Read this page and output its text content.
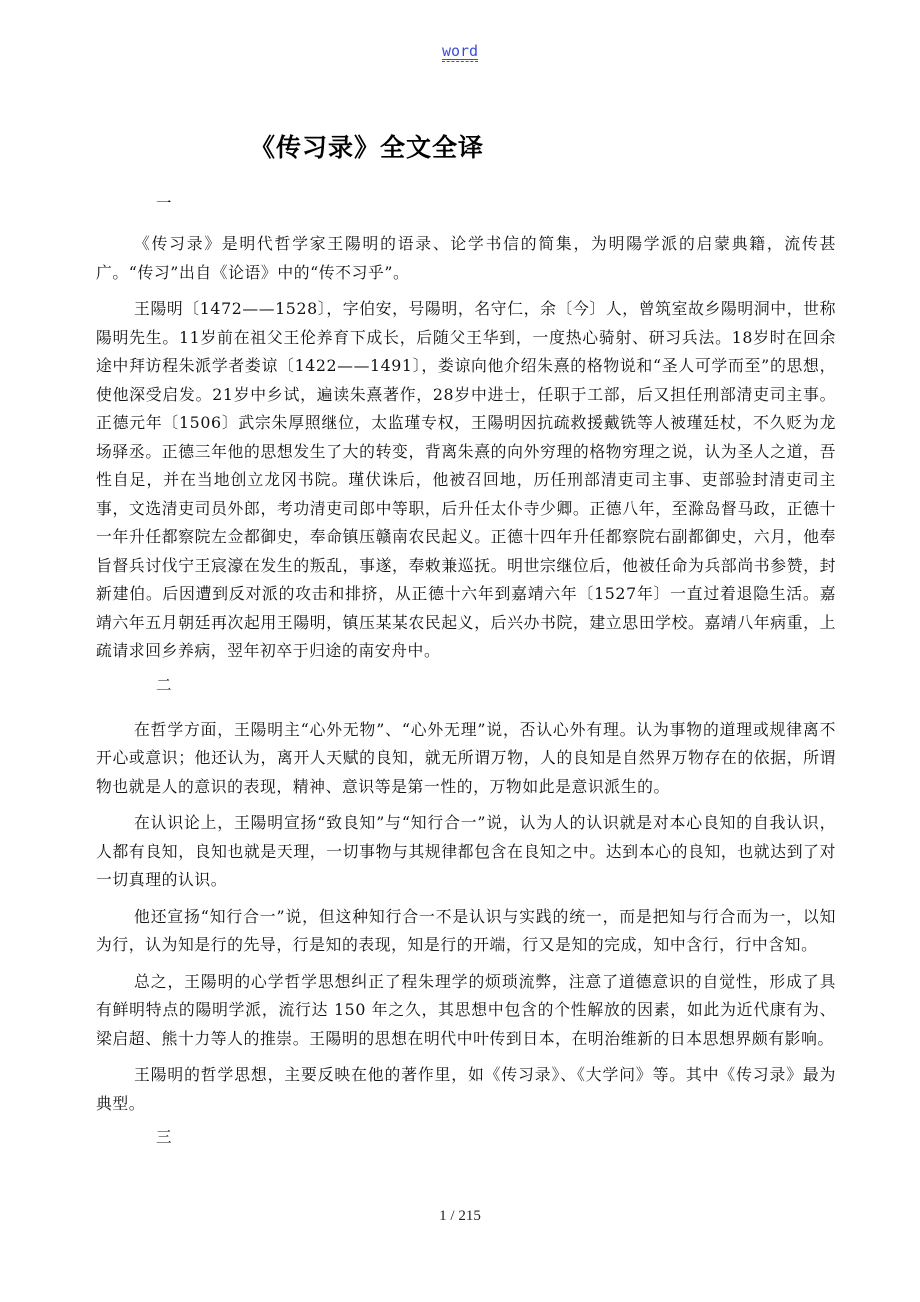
word
《传习录》全文全译
一

《传习录》是明代哲学家王陽明的语录、论学书信的简集，为明陽学派的启蒙典籍，流传甚广。“传习”出自《论语》中的“传不习乎”。

王陽明〔1472——1528〕，字伯安，号陽明，名守仁，余〔今〕人，曾筑室故乡陽明洞中，世称陽明先生。11岁前在祖父王伦养育下成长，后随父王华到，一度热心骑射、研习兵法。18岁时在回余途中拜访程朱派学者娄谅〔1422——1491〕，娄谅向他介绍朱熹的格物说和“圣人可学而至”的思想，使他深受启发。21岁中乡试，遍读朱熹著作，28岁中进士，任职于工部，后又担任刑部清吏司主事。正德元年〔1506〕武宗朱厚照继位，太监瑾专权，王陽明因抗疏救援戴铣等人被瑾廷杖，不久贬为龙场驿丞。正德三年他的思想发生了大的转变，背离朱熹的向外穷理的格物穷理之说，认为圣人之道，吾性自足，并在当地创立龙冈书院。瑾伏诛后，他被召回地，历任刑部清吏司主事、吏部验封清吏司主事，文选清吏司员外郎，考功清吏司郎中等职，后升任太仆寺少卿。正德八年，至滁岛督马政，正德十一年升任都察院左佥都御史，奉命镇压赣南农民起义。正德十四年升任都察院右副都御史，六月，他奉旨督兵讨伐宁王宸濠在发生的叛乱，事遂，奉敕兼巡抚。明世宗继位后，他被任命为兵部尚书参赞，封新建伯。后因遭到反对派的攻击和排挤，从正德十六年到嘉靖六年〔1527年〕一直过着退隐生活。嘉靖六年五月朝廷再次起用王陽明，镇压某某农民起义，后兴办书院，建立思田学校。嘉靖八年病重，上疏请求回乡养病，翌年初卒于归途的南安舟中。

二

在哲学方面，王陽明主“心外无物”、“心外无理”说，否认心外有理。认为事物的道理或规律离不开心或意识；他还认为，离开人天赋的良知，就无所谓万物，人的良知是自然界万物存在的依据，所谓物也就是人的意识的表现，精神、意识等是第一性的，万物如此是意识派生的。

在认识论上，王陽明宣扬“致良知”与“知行合一”说，认为人的认识就是对本心良知的自我认识，人都有良知，良知也就是天理，一切事物与其规律都包含在良知之中。达到本心的良知，也就达到了对一切真理的认识。

他还宣扬“知行合一”说，但这种知行合一不是认识与实践的统一，而是把知与行合而为一，以知为行，认为知是行的先导，行是知的表现，知是行的开端，行又是知的完成，知中含行，行中含知。

总之，王陽明的心学哲学思想纠正了程朱理学的烦琐流弊，注意了道德意识的自觉性，形成了具有鲜明特点的陽明学派，流行达 150 年之久，其思想中包含的个性解放的因素，如此为近代康有为、梁启超、熊十力等人的推崇。王陽明的思想在明代中叶传到日本，在明治维新的日本思想界颇有影响。

王陽明的哲学思想，主要反映在他的著作里，如《传习录》、《大学问》等。其中《传习录》最为典型。

三
1 / 215
